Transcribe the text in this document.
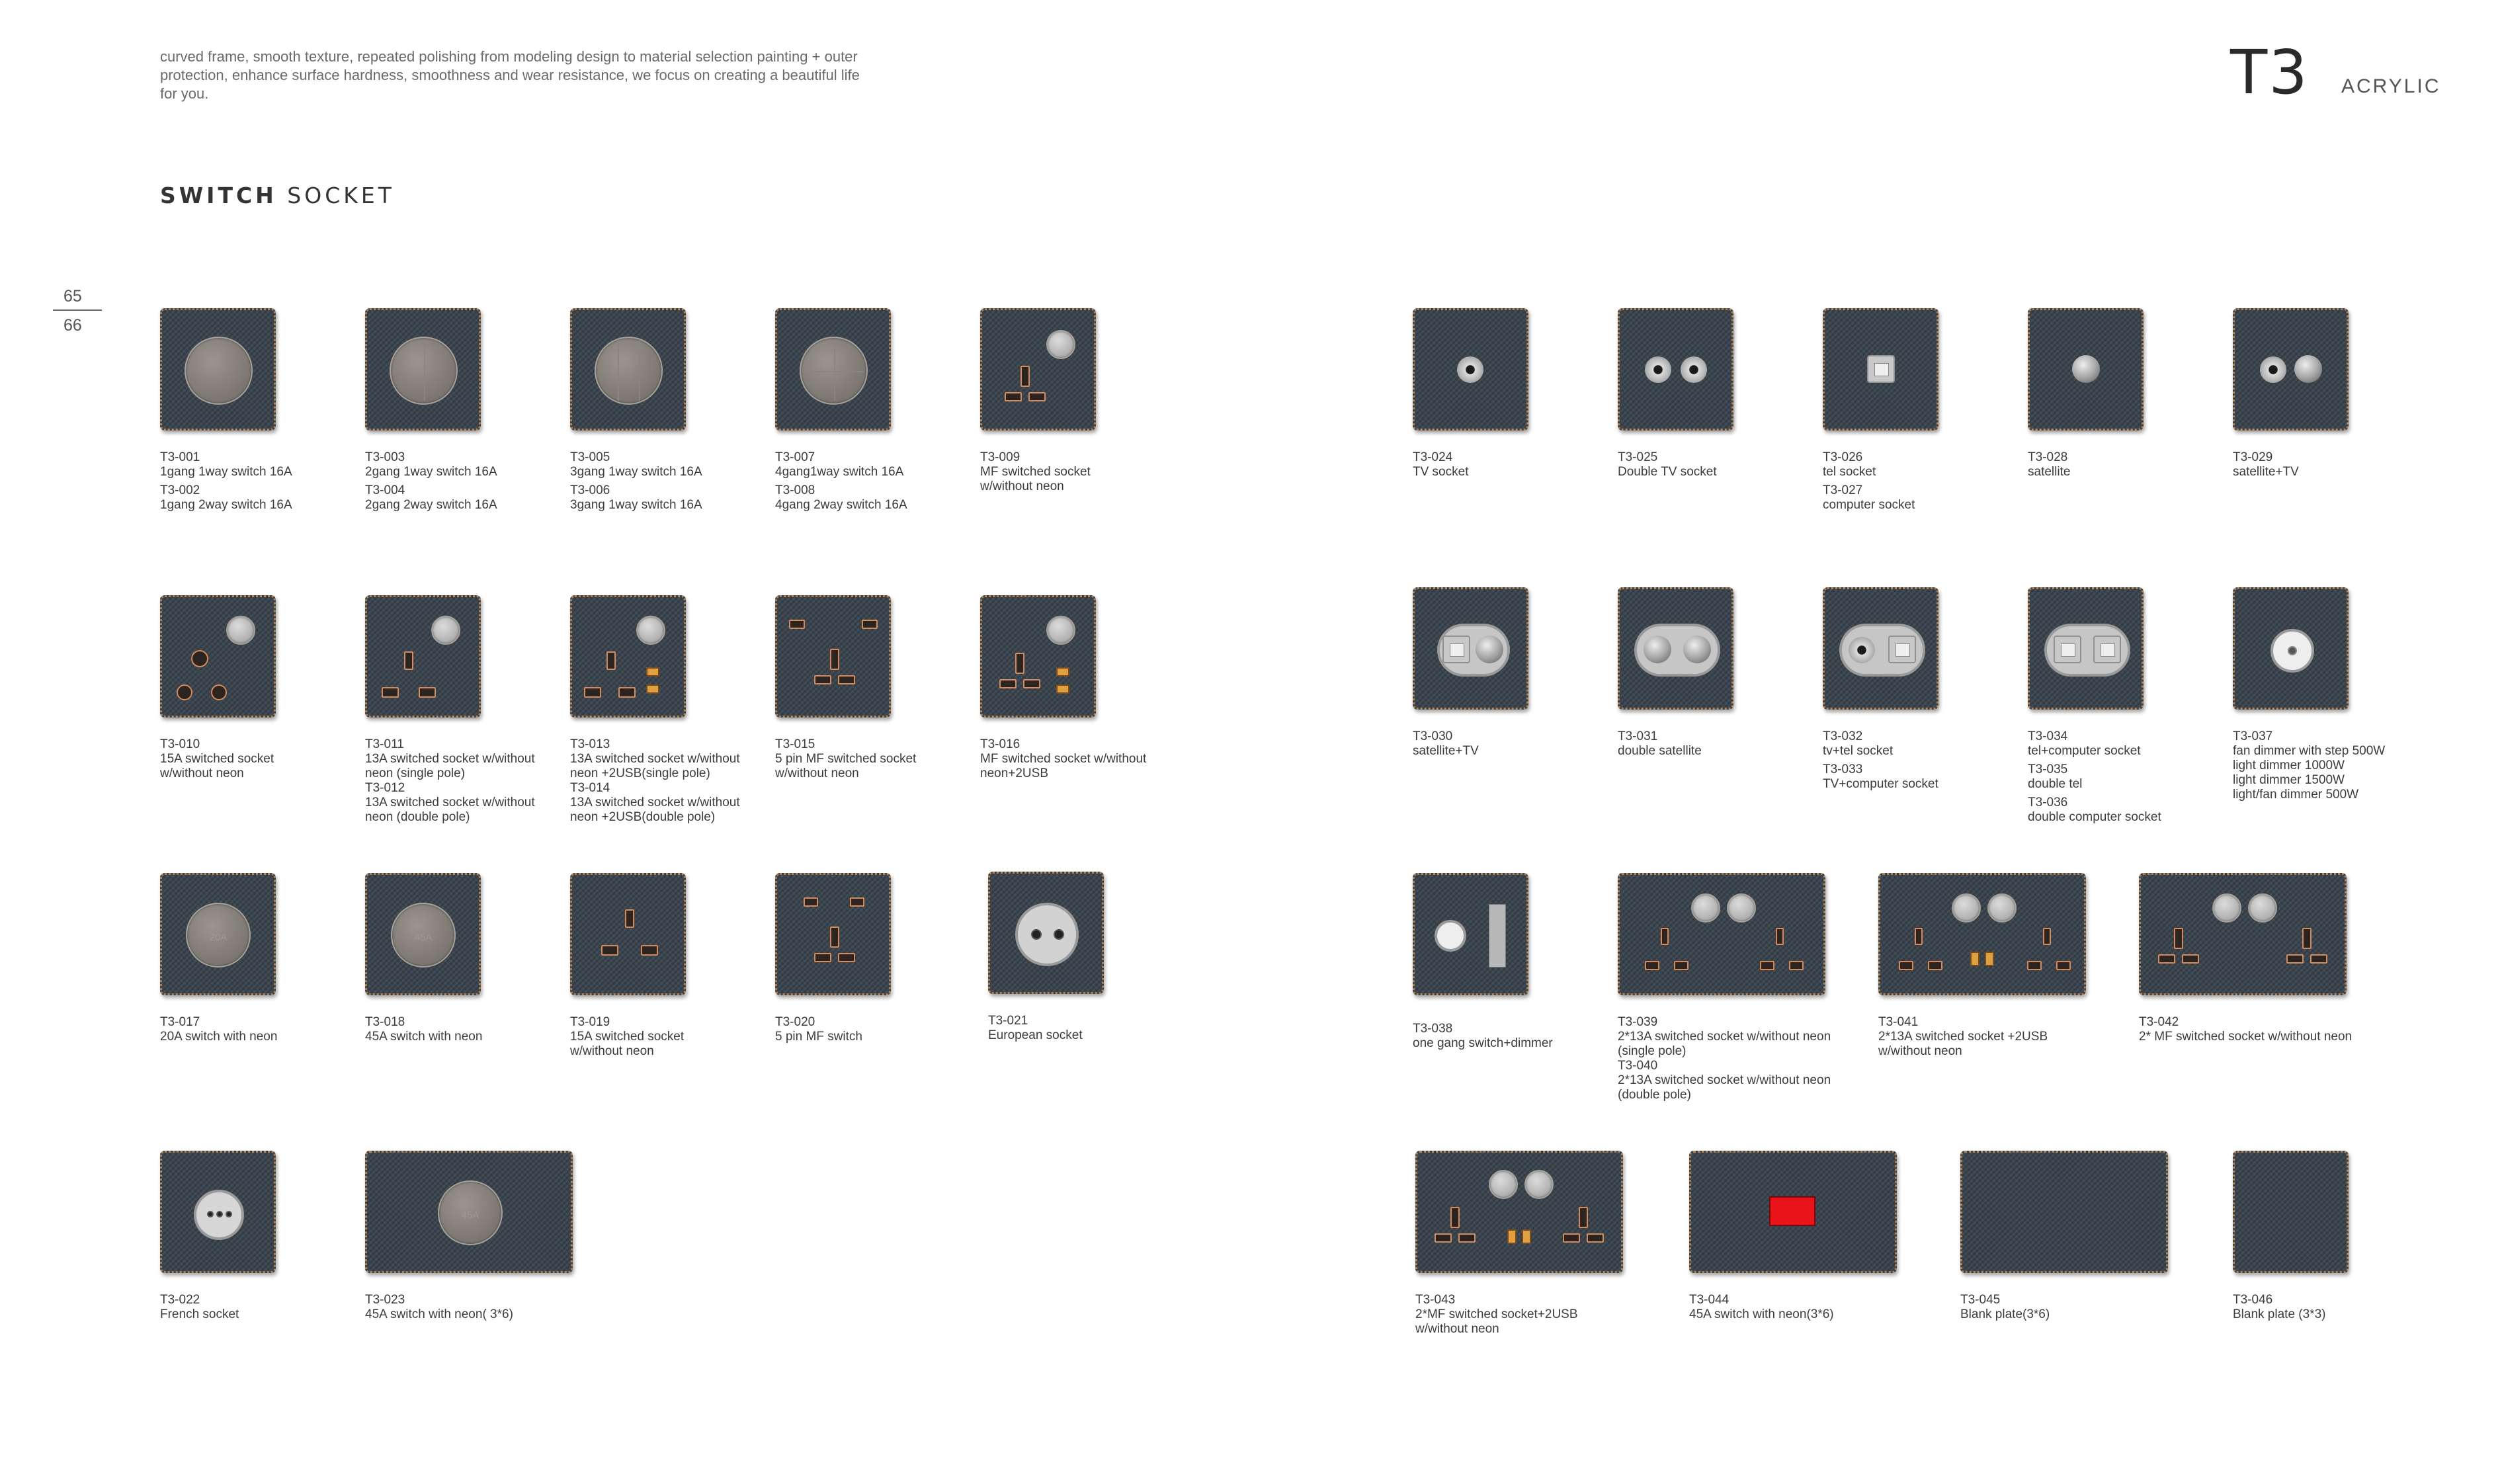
curved frame, smooth texture, repeated polishing from modeling design to material selection painting + outer protection, enhance surface hardness, smoothness and wear resistance, we focus on creating a beautiful life for you.	T3 ACRYLIC
SWITCH SOCKET
65
66
T3-001
1gang 1way switch 16A
T3-002
1gang 2way switch 16A
T3-003
2gang 1way switch 16A
T3-004
2gang 2way switch 16A
T3-005
3gang 1way switch 16A
T3-006
3gang 1way switch 16A
T3-007
4gang1way switch 16A
T3-008
4gang 2way switch 16A
T3-009
MF switched socket
w/without neon
T3-024
TV socket
T3-025
Double TV socket
T3-026
tel socket
T3-027
computer socket
T3-028
satellite
T3-029
satellite+TV
T3-010
15A switched socket
w/without neon
T3-011
13A switched socket w/without
neon (single pole)
T3-012
13A switched socket w/without
neon (double pole)
T3-013
13A switched socket w/without
neon +2USB(single pole)
T3-014
13A switched socket w/without
neon +2USB(double pole)
T3-015
5 pin MF switched socket
w/without neon
T3-016
MF switched socket w/without
neon+2USB
T3-030
satellite+TV
T3-031
double satellite
T3-032
tv+tel socket
T3-033
TV+computer socket
T3-034
tel+computer socket
T3-035
double tel
T3-036
double computer socket
T3-037
fan dimmer with step 500W
light dimmer 1000W
light dimmer 1500W
light/fan dimmer 500W
20A
T3-017
20A switch with neon
45A
T3-018
45A switch with neon
T3-019
15A switched socket
w/without neon
T3-020
5 pin MF switch
T3-021
European socket	T3-038
one gang switch+dimmer
T3-039
2*13A switched socket w/without neon
(single pole)
T3-040
2*13A switched socket w/without neon
(double pole)
T3-041
2*13A switched socket +2USB
w/without neon
T3-042
2* MF switched socket w/without neon
T3-022
French socket
45A
T3-023
45A switch with neon( 3*6)
T3-043
2*MF switched socket+2USB
w/without neon
T3-044
45A switch with neon(3*6)
T3-045
Blank plate(3*6)
T3-046
Blank plate (3*3)
